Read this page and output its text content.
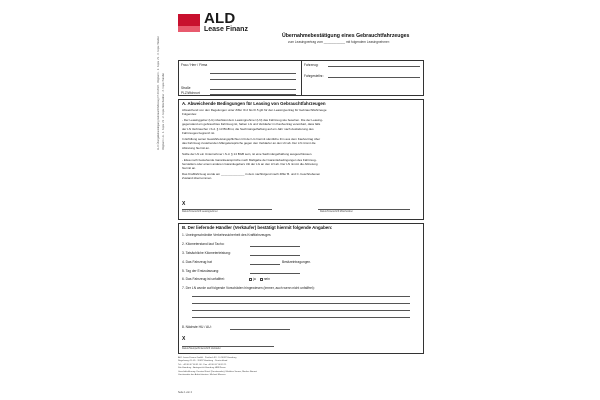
ALD
Lease Finanz
Übernahmebestätigung eines Gebrauchtfahrzeuges
zum Leasingvertrag vom ____________ mit folgendem Leasingnehmer:
Frau / Herr / Firma
Straße
PLZ/Wohnort
Fahrzeug:
Fahrgestellnr.:
A. Abweichende Bedingungen für Leasing von Gebrauchtfahrzeugen
Abweichend von den Regelungen unter Ziffer III.2 bis III.5 gilt für den Leasingvertrag für Gebrauchtfahrzeuge
Folgendes:
- Der Leasinggeber (LG) überlässt dem Leasingnehmer (LN) das Fahrzeug wie besehen. Die der Leasing-
gegenstand ein gebrauchtes Fahrzeug ist, haben LG und Verkäufer im Kaufvertrag vereinbart, dass falls
der LN Verbraucher i.S.d. § 13 BGB ist, die Sachmängelhaftung auf ein Jahr nach Auslieferung des
Fahrzeuges begrenzt ist.
In Erfüllung seiner Gewährleistungspflichten tritt der LG hiermit sämtliche ihm aus dem Kaufvertrag über
das Fahrzeug zustehenden Mängelansprüche gegen den Verkäufer an den LN ab. Der LN nimmt die
Abtretung hiermit an.
Sollte der LN ein Unternehmer i.S.d. § 14 BGB sein, ist eine Sachmängelhaftung ausgeschlossen.
- Etwa noch bestehende Garantieansprüche nach Maßgabe der Garantiebedingungen des Fahrzeug-
herstellers oder einem anderen Garantiegebers tritt der LG an den LN ab. Der LN nimmt die Abtretung
hiermit an.
Das Kraftfahrzeug wurde am ______________ in dem nachfolgend nach Ziffer B. und C. beschriebenen
Zustand übernommen.
X
Datum/Unterschrift Leasingnehmer	Datum/Unterschrift Mitschuldner
B. Der liefernde Händler (Verkäufer) bestätigt hiermit folgende Angaben:
1. Uneingeschränkte Verkehrssicherheit des Kraftfahrzeuges
2. Kilometerstand laut Tacho:
3. Tatsächliche Kilometerleistung:
4. Das Fahrzeug hat	Besitzeintragungen.
5. Tag der Erstzulassung:
6. Das Fahrzeug ist unfallfrei:	ja nein
7. Der LN wurde auf folgende Vorschäden hingewiesen (immer, auch wenn nicht unfallfrei):
8. Nächste HU / AU:
X
Datum/Stempel/Unterschrift Verkäufer
ALD Lease Finanz GmbH · Postfach 83 · D-20097 Hamburg
Nagelsweg 41–45 · 20097 Hamburg · Deutschland
Tel.: +49 40 47 06 61 00 · Fax +49 40 47 06 61 11
Sitz Hamburg · Amtsgericht Hamburg HRB 9xxxx
Geschäftsführung: Karsten Rösel (Vorsitzender), Matthias Saurer, Markus Bonnet
Vorsitzender des Aufsichtsrates: Michael Masseo
Seite 1 von 2
ALD Übergabebestätigung Gebrauchtfahrzeug 07.03.2023 · Original 1 · 2. Kopie LN · 3. Kopie Händler Original 1 LG · 1. Kopie LN · 2. Kopie Mitschuldner · 3. Kopie Händler
